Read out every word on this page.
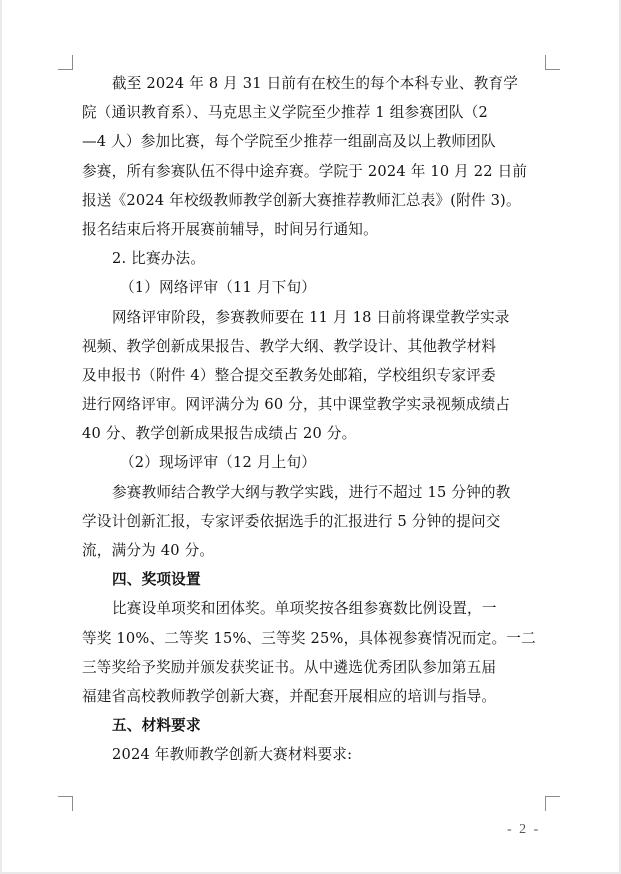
截至 2024 年 8 月 31 日前有在校生的每个本科专业、教育学
院（通识教育系）、马克思主义学院至少推荐 1 组参赛团队（2
—4 人）参加比赛，每个学院至少推荐一组副高及以上教师团队
参赛，所有参赛队伍不得中途弃赛。学院于 2024 年 10 月 22 日前
报送《2024 年校级教师教学创新大赛推荐教师汇总表》(附件 3)。
报名结束后将开展赛前辅导，时间另行通知。
2. 比赛办法。
（1）网络评审（11 月下旬）
网络评审阶段，参赛教师要在 11 月 18 日前将课堂教学实录
视频、教学创新成果报告、教学大纲、教学设计、其他教学材料
及申报书（附件 4）整合提交至教务处邮箱，学校组织专家评委
进行网络评审。网评满分为 60 分，其中课堂教学实录视频成绩占
40 分、教学创新成果报告成绩占 20 分。
（2）现场评审（12 月上旬）
参赛教师结合教学大纲与教学实践，进行不超过 15 分钟的教
学设计创新汇报，专家评委依据选手的汇报进行 5 分钟的提问交
流，满分为 40 分。
四、奖项设置
比赛设单项奖和团体奖。单项奖按各组参赛数比例设置，一
等奖 10%、二等奖 15%、三等奖 25%，具体视参赛情况而定。一二
三等奖给予奖励并颁发获奖证书。从中遴选优秀团队参加第五届
福建省高校教师教学创新大赛，并配套开展相应的培训与指导。
五、材料要求
2024 年教师教学创新大赛材料要求:
- 2 -
